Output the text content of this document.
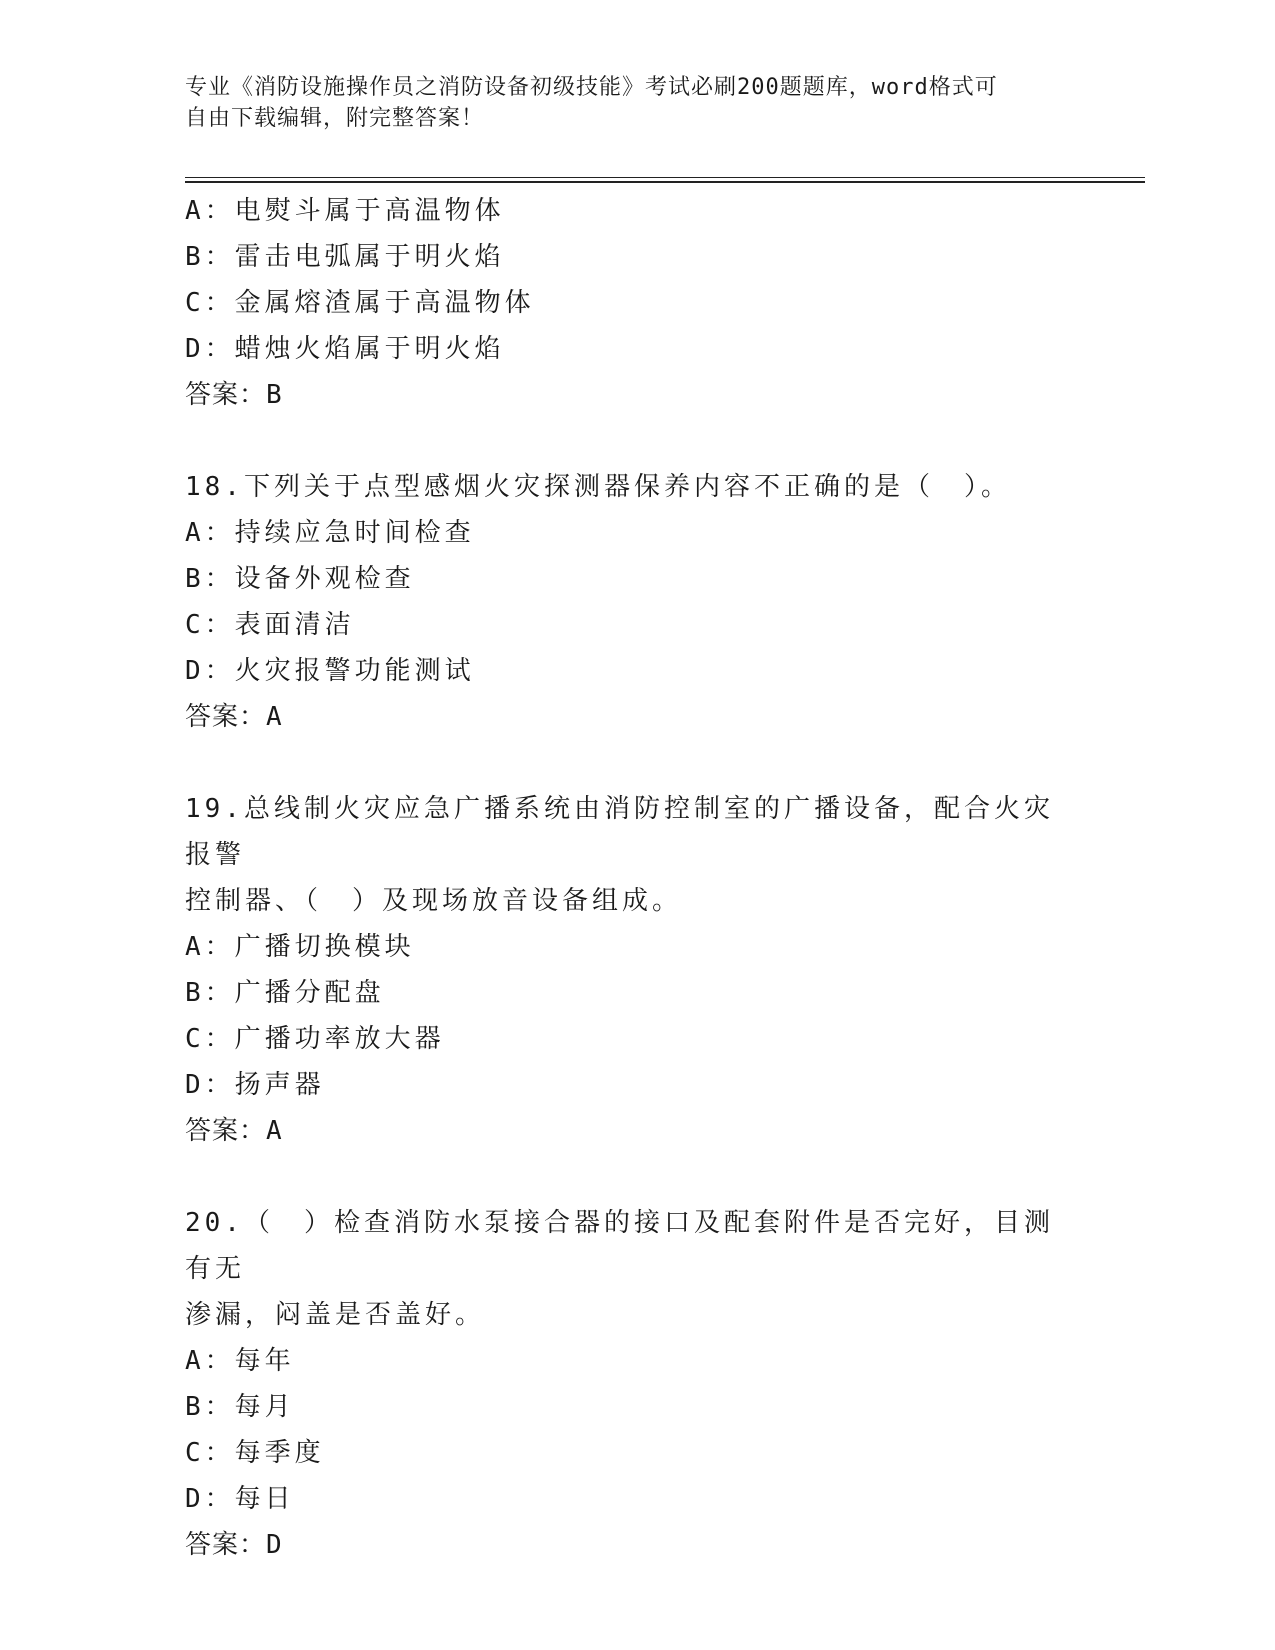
专业《消防设施操作员之消防设备初级技能》考试必刷200题题库，word格式可
自由下载编辑，附完整答案！
A：电熨斗属于高温物体
B：雷击电弧属于明火焰
C：金属熔渣属于高温物体
D：蜡烛火焰属于明火焰
答案：B
18.下列关于点型感烟火灾探测器保养内容不正确的是（　）。
A：持续应急时间检查
B：设备外观检查
C：表面清洁
D：火灾报警功能测试
答案：A
19.总线制火灾应急广播系统由消防控制室的广播设备，配合火灾报警
控制器、（　）及现场放音设备组成。
A：广播切换模块
B：广播分配盘
C：广播功率放大器
D：扬声器
答案：A
20.（　）检查消防水泵接合器的接口及配套附件是否完好，目测有无
渗漏，闷盖是否盖好。
A：每年
B：每月
C：每季度
D：每日
答案：D
